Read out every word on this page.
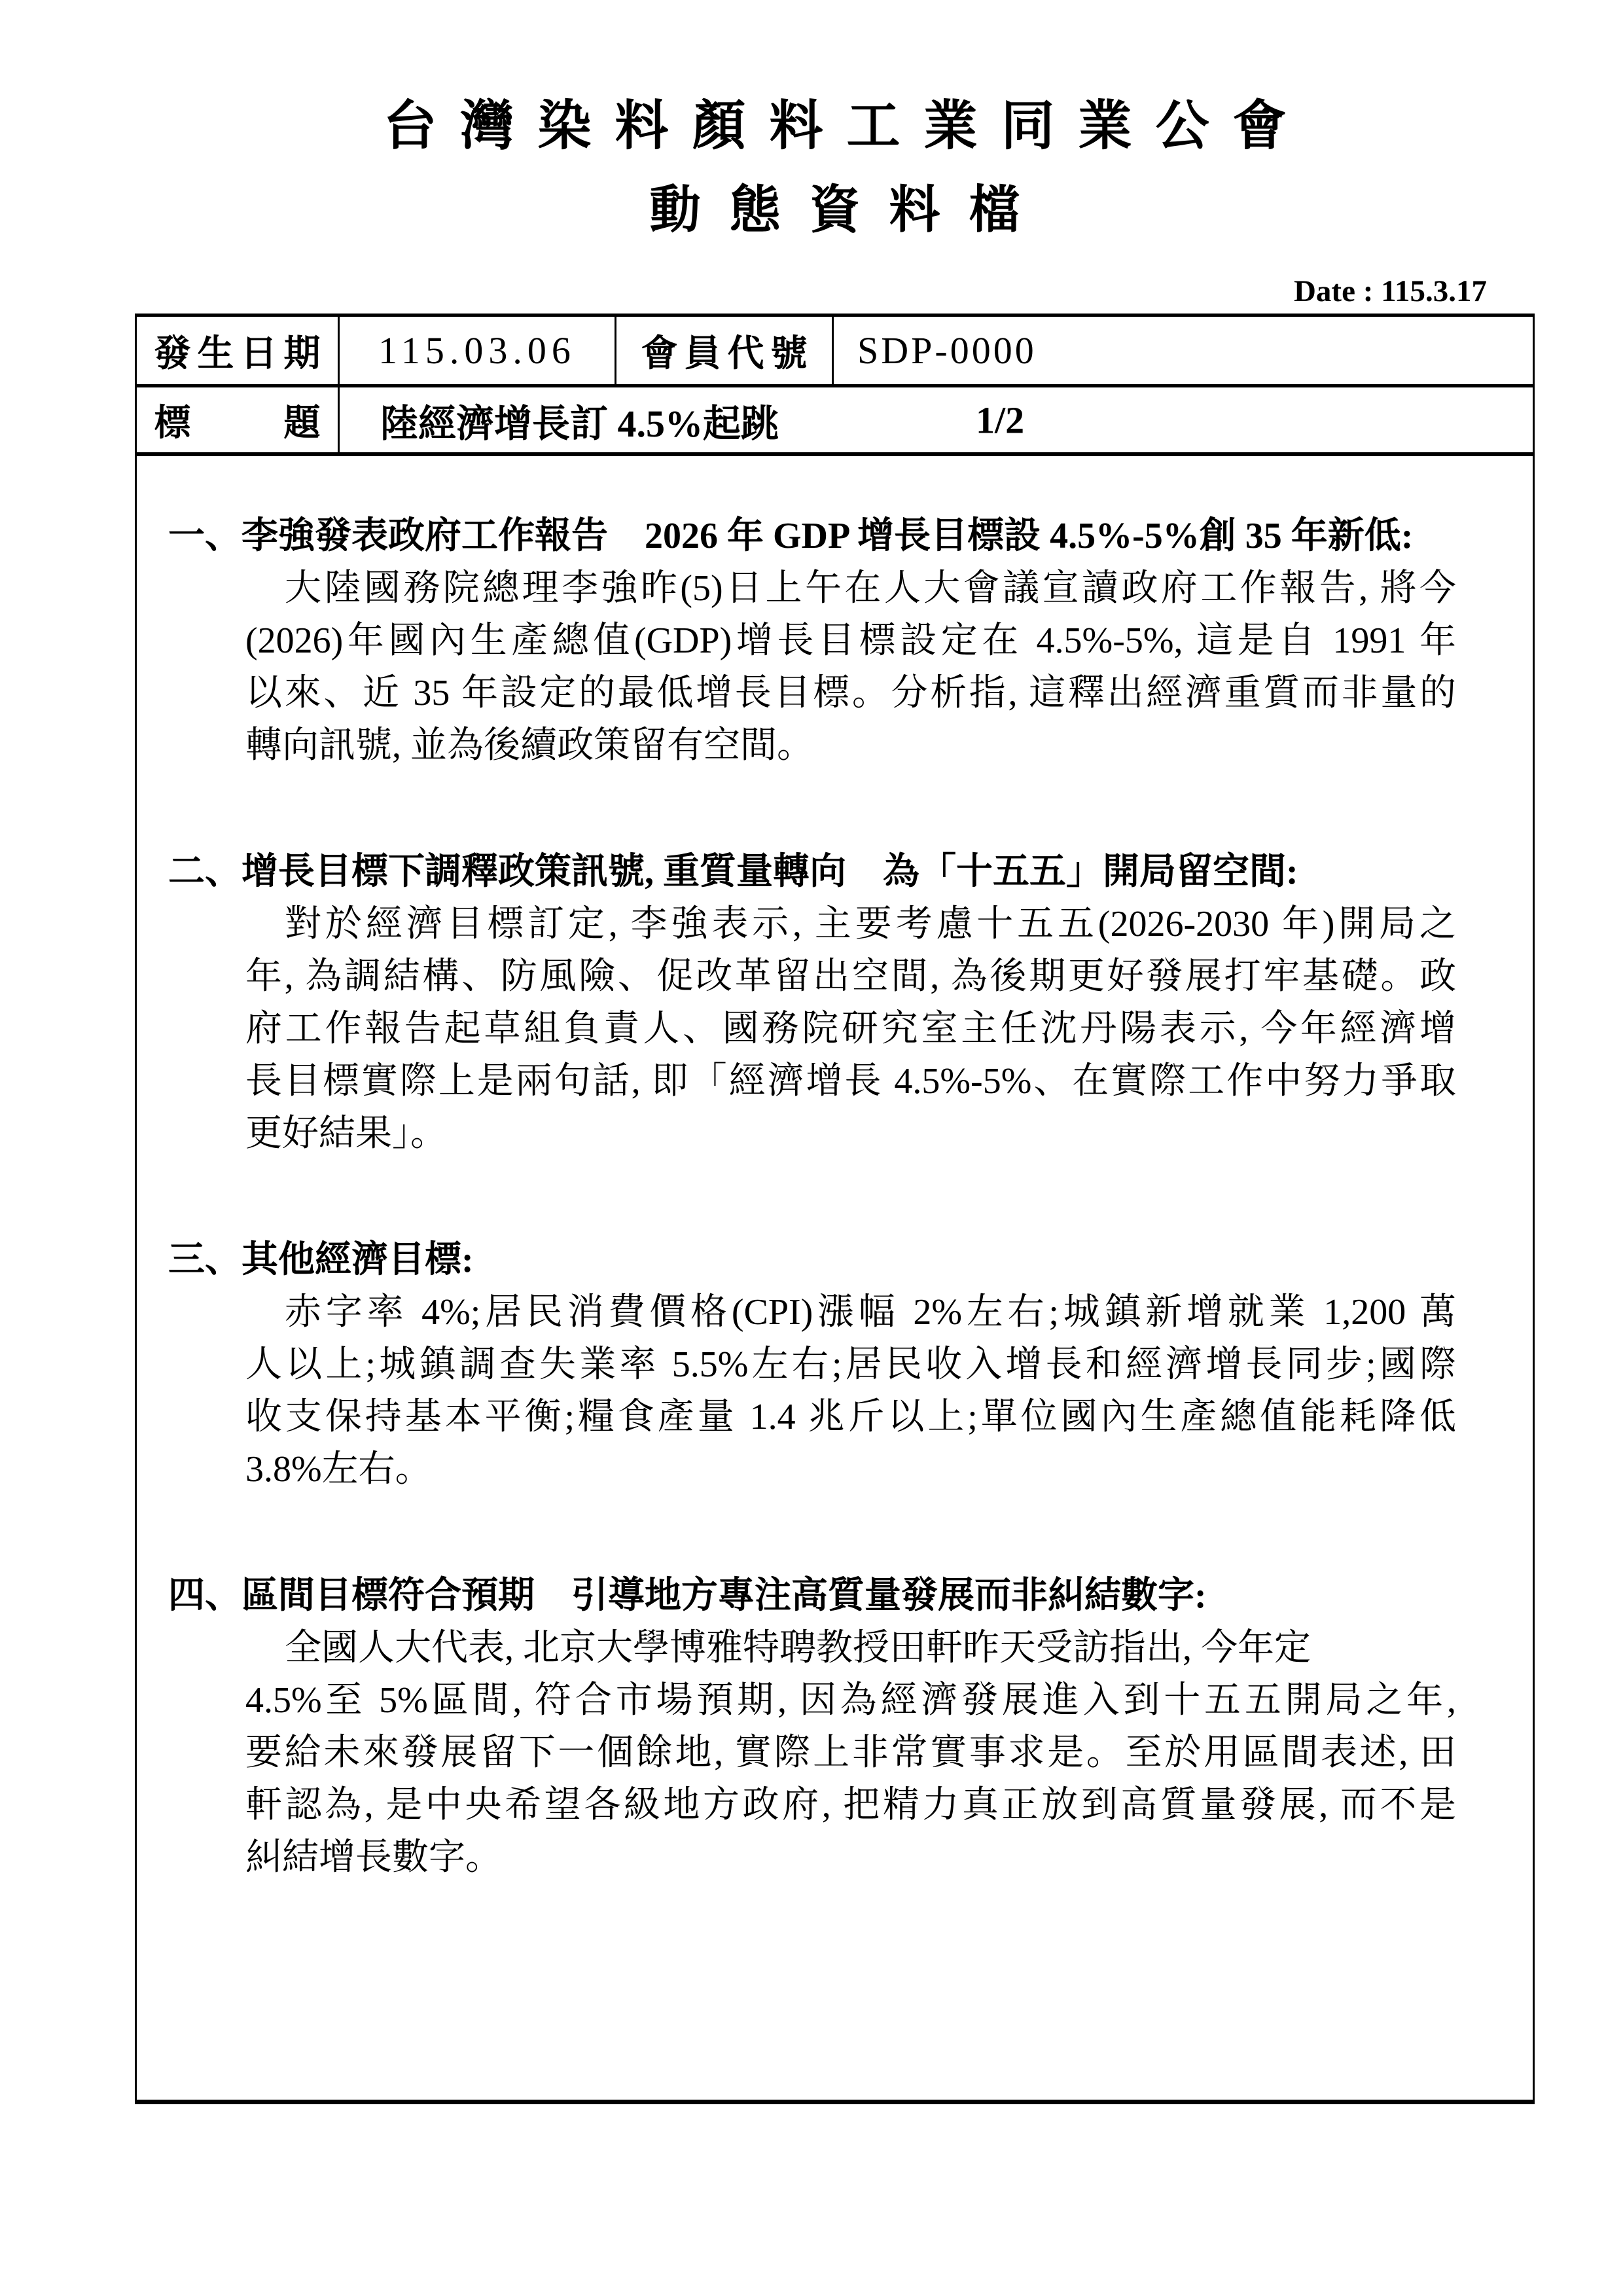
台灣染料顏料工業同業公會
動態資料檔
Date : 115.3.17
發生日期	115.03.06	會員代號	SDP-0000
標　　題	陸經濟增長訂 4.5%起跳	1/2
一、李強發表政府工作報告　2026 年 GDP 增長目標設 4.5%-5%創 35 年新低:
大陸國務院總理李強昨(5)日上午在人大會議宣讀政府工作報告, 將今
(2026)年國內生產總值(GDP)增長目標設定在 4.5%-5%, 這是自 1991 年
以來、近 35 年設定的最低增長目標。分析指, 這釋出經濟重質而非量的
轉向訊號, 並為後續政策留有空間。
二、增長目標下調釋政策訊號, 重質量轉向　為「十五五」開局留空間:
對於經濟目標訂定, 李強表示, 主要考慮十五五(2026-2030 年)開局之
年, 為調結構、防風險、促改革留出空間, 為後期更好發展打牢基礎。政
府工作報告起草組負責人、國務院研究室主任沈丹陽表示, 今年經濟增
長目標實際上是兩句話, 即「經濟增長 4.5%-5%、在實際工作中努力爭取
更好結果」。
三、其他經濟目標:
赤字率 4%;居民消費價格(CPI)漲幅 2%左右;城鎮新增就業 1,200 萬
人以上;城鎮調查失業率 5.5%左右;居民收入增長和經濟增長同步;國際
收支保持基本平衡;糧食產量 1.4 兆斤以上;單位國內生產總值能耗降低
3.8%左右。
四、區間目標符合預期　引導地方專注高質量發展而非糾結數字:
全國人大代表, 北京大學博雅特聘教授田軒昨天受訪指出, 今年定
4.5%至 5%區間, 符合市場預期, 因為經濟發展進入到十五五開局之年,
要給未來發展留下一個餘地, 實際上非常實事求是。至於用區間表述, 田
軒認為, 是中央希望各級地方政府, 把精力真正放到高質量發展, 而不是
糾結增長數字。
